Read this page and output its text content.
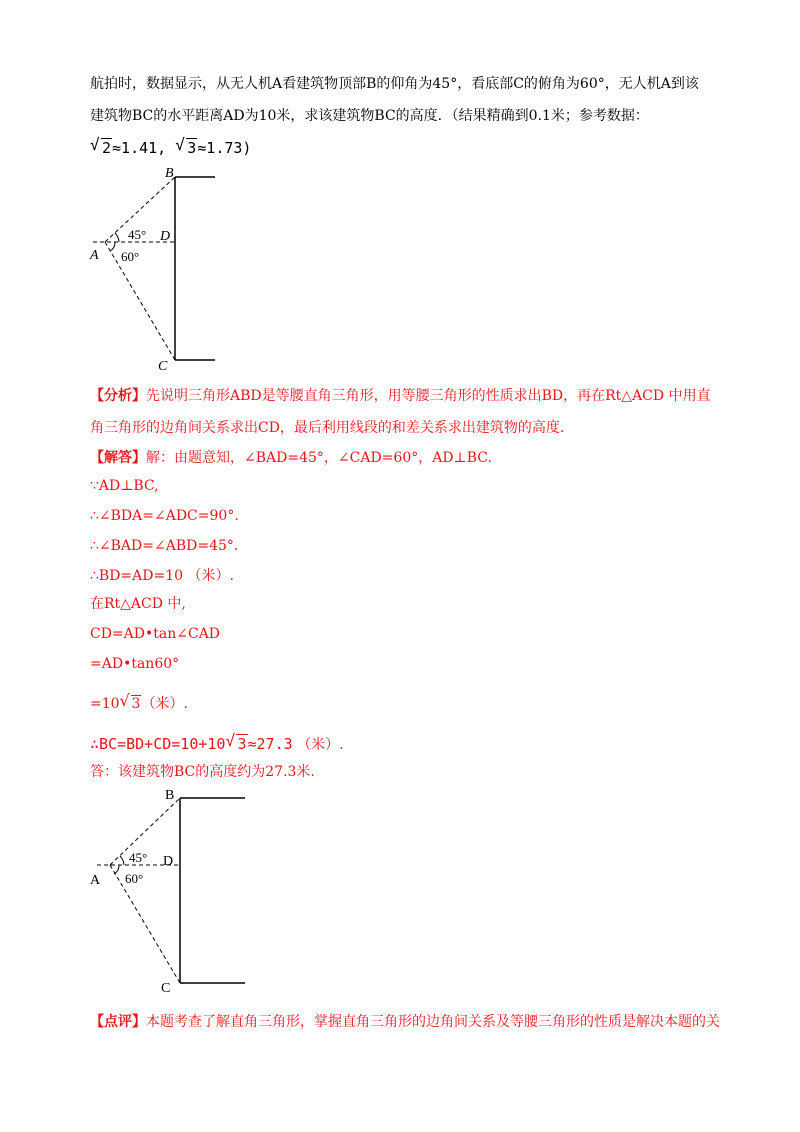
航拍时，数据显示，从无人机A看建筑物顶部B的仰角为45°，看底部C的俯角为60°，无人机A到该
建筑物BC的水平距离AD为10米，求该建筑物BC的高度．（结果精确到0.1米；参考数据：
√ 2≈1.41, √ 3≈1.73)
B
D
A
C
45°
60°
【分析】先说明三角形ABD是等腰直角三角形，用等腰三角形的性质求出BD，再在Rt△ACD 中用直
角三角形的边角间关系求出CD，最后利用线段的和差关系求出建筑物的高度.
【解答】解：由题意知，∠BAD=45°，∠CAD=60°，AD⊥BC.
∵AD⊥BC,
∴∠BDA=∠ADC=90°.
∴∠BAD=∠ABD=45°.
∴BD=AD=10 （米）.
在Rt△ACD 中,
CD=AD•tan∠CAD
=AD•tan60°
=10 √ 3（米）.
∴BC=BD+CD=10+10 √ 3≈27.3 （米）.
答：该建筑物BC的高度约为27.3米.
B
D
A
C
45°
60°
【点评】本题考查了解直角三角形，掌握直角三角形的边角间关系及等腰三角形的性质是解决本题的关
